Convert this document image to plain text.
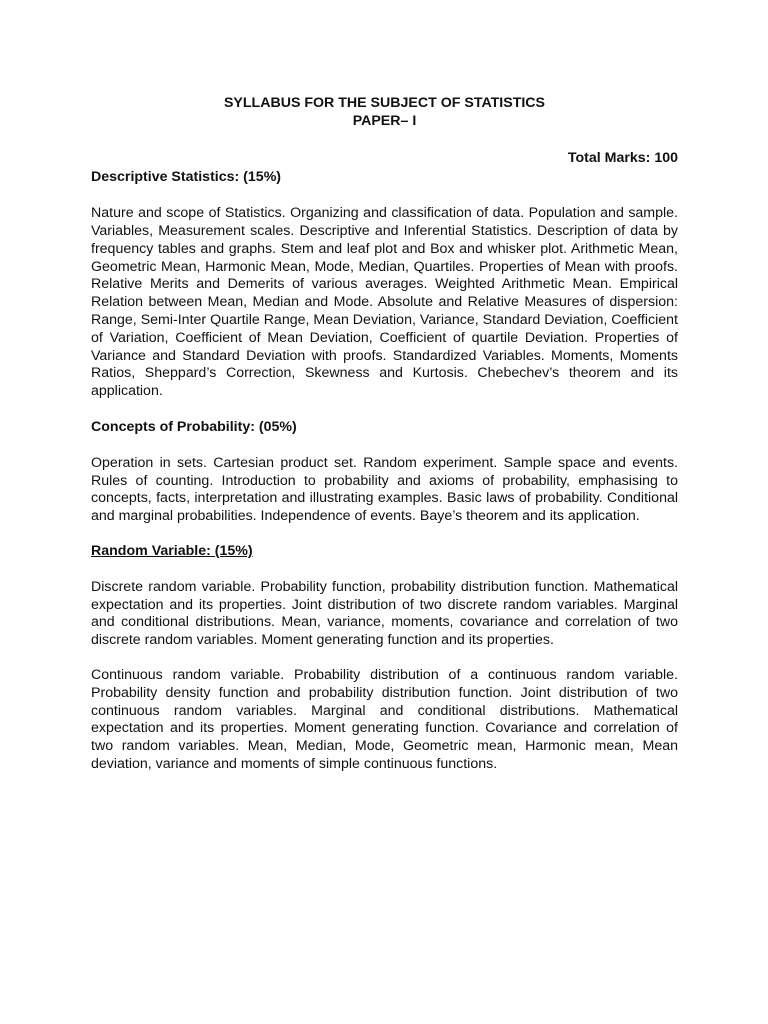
SYLLABUS FOR THE SUBJECT OF STATISTICS

PAPER– I

Total Marks: 100

Descriptive Statistics: (15%)

Nature and scope of Statistics. Organizing and classification of data. Population and sample. Variables, Measurement scales. Descriptive and Inferential Statistics. Description of data by frequency tables and graphs. Stem and leaf plot and Box and whisker plot. Arithmetic Mean, Geometric Mean, Harmonic Mean, Mode, Median, Quartiles. Properties of Mean with proofs. Relative Merits and Demerits of various averages. Weighted Arithmetic Mean. Empirical Relation between Mean, Median and Mode. Absolute and Relative Measures of dispersion: Range, Semi-Inter Quartile Range, Mean Deviation, Variance, Standard Deviation, Coefficient of Variation, Coefficient of Mean Deviation, Coefficient of quartile Deviation. Properties of Variance and Standard Deviation with proofs. Standardized Variables. Moments, Moments Ratios, Sheppard’s Correction, Skewness and Kurtosis. Chebechev’s theorem and its application.

Concepts of Probability: (05%)

Operation in sets. Cartesian product set. Random experiment. Sample space and events. Rules of counting. Introduction to probability and axioms of probability, emphasising to concepts, facts, interpretation and illustrating examples. Basic laws of probability. Conditional and marginal probabilities. Independence of events. Baye’s theorem and its application.

Random Variable: (15%)

Discrete random variable. Probability function, probability distribution function. Mathematical expectation and its properties. Joint distribution of two discrete random variables. Marginal and conditional distributions. Mean, variance, moments, covariance and correlation of two discrete random variables. Moment generating function and its properties.

Continuous random variable. Probability distribution of a continuous random variable. Probability density function and probability distribution function. Joint distribution of two continuous random variables. Marginal and conditional distributions. Mathematical expectation and its properties. Moment generating function. Covariance and correlation of two random variables. Mean, Median, Mode, Geometric mean, Harmonic mean, Mean deviation, variance and moments of simple continuous functions.
